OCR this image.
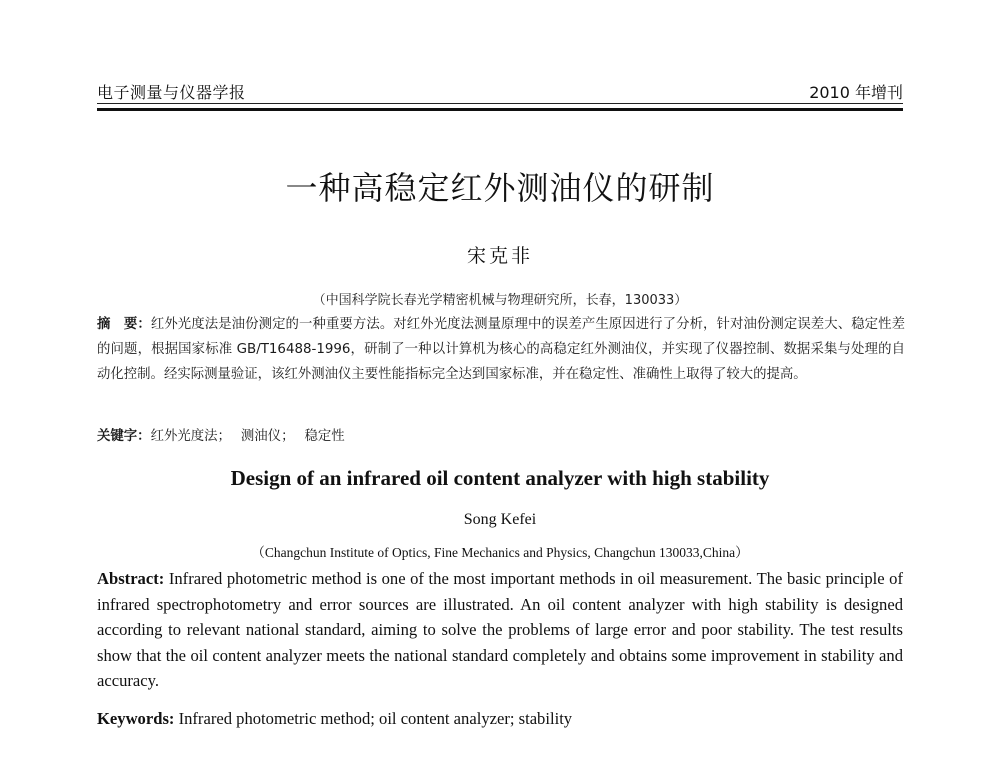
电子测量与仪器学报	2010 年增刊
一种高稳定红外测油仪的研制
宋克非
（中国科学院长春光学精密机械与物理研究所，长春，130033）
摘　要：红外光度法是油份测定的一种重要方法。对红外光度法测量原理中的误差产生原因进行了分析，针对油份测定误差大、稳定性差的问题，根据国家标准 GB/T16488-1996，研制了一种以计算机为核心的高稳定红外测油仪，并实现了仪器控制、数据采集与处理的自动化控制。经实际测量验证，该红外测油仪主要性能指标完全达到国家标准，并在稳定性、准确性上取得了较大的提高。
关键字：红外光度法； 测油仪； 稳定性
Design of an infrared oil content analyzer with high stability
Song Kefei
（Changchun Institute of Optics, Fine Mechanics and Physics, Changchun 130033,China）
Abstract: Infrared photometric method is one of the most important methods in oil measurement. The basic principle of infrared spectrophotometry and error sources are illustrated. An oil content analyzer with high stability is designed according to relevant national standard, aiming to solve the problems of large error and poor stability. The test results show that the oil content analyzer meets the national standard completely and obtains some improvement in stability and accuracy.
Keywords: Infrared photometric method; oil content analyzer; stability
